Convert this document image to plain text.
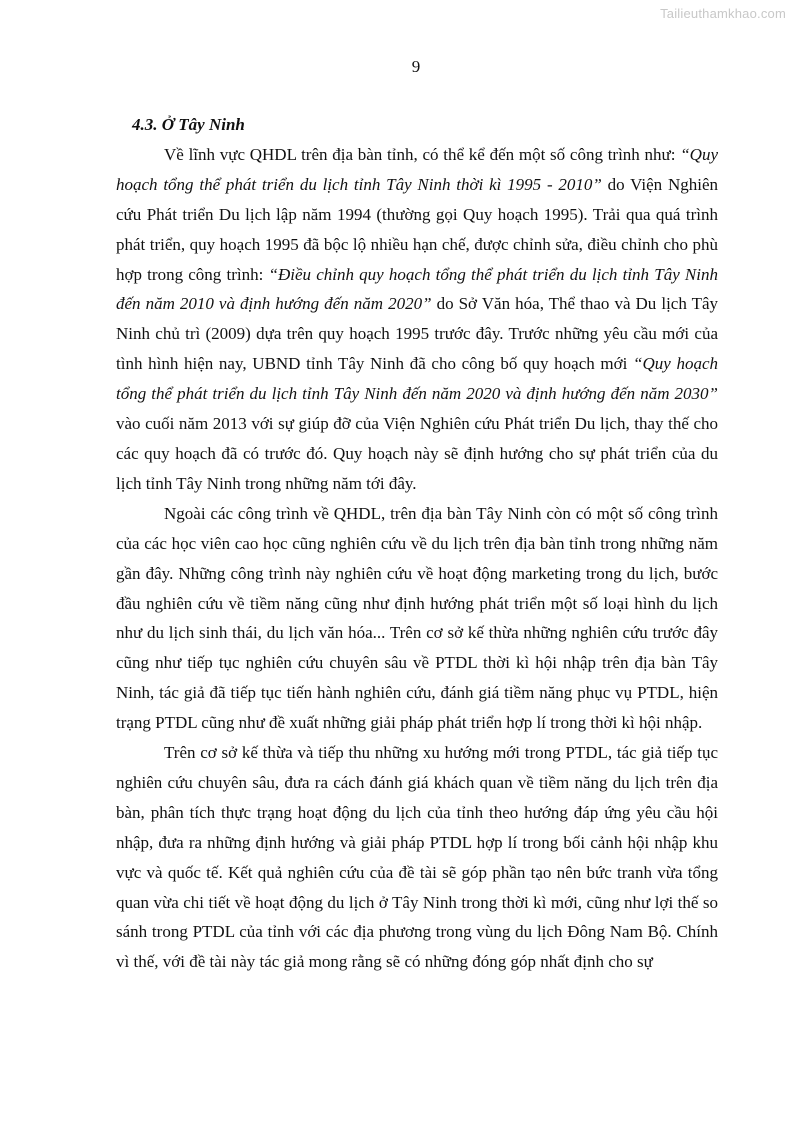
Tailieuthamkhao.com
9

4.3. Ở Tây Ninh

Về lĩnh vực QHDL trên địa bàn tỉnh, có thể kể đến một số công trình như: “Quy hoạch tổng thể phát triển du lịch tỉnh Tây Ninh thời kì 1995 - 2010” do Viện Nghiên cứu Phát triển Du lịch lập năm 1994 (thường gọi Quy hoạch 1995). Trải qua quá trình phát triển, quy hoạch 1995 đã bộc lộ nhiều hạn chế, được chỉnh sửa, điều chỉnh cho phù hợp trong công trình: “Điều chỉnh quy hoạch tổng thể phát triển du lịch tỉnh Tây Ninh đến năm 2010 và định hướng đến năm 2020” do Sở Văn hóa, Thể thao và Du lịch Tây Ninh chủ trì (2009) dựa trên quy hoạch 1995 trước đây. Trước những yêu cầu mới của tình hình hiện nay, UBND tỉnh Tây Ninh đã cho công bố quy hoạch mới “Quy hoạch tổng thể phát triển du lịch tỉnh Tây Ninh đến năm 2020 và định hướng đến năm 2030” vào cuối năm 2013 với sự giúp đỡ của Viện Nghiên cứu Phát triển Du lịch, thay thế cho các quy hoạch đã có trước đó. Quy hoạch này sẽ định hướng cho sự phát triển của du lịch tỉnh Tây Ninh trong những năm tới đây.

Ngoài các công trình về QHDL, trên địa bàn Tây Ninh còn có một số công trình của các học viên cao học cũng nghiên cứu về du lịch trên địa bàn tỉnh trong những năm gần đây. Những công trình này nghiên cứu về hoạt động marketing trong du lịch, bước đầu nghiên cứu về tiềm năng cũng như định hướng phát triển một số loại hình du lịch như du lịch sinh thái, du lịch văn hóa... Trên cơ sở kế thừa những nghiên cứu trước đây cũng như tiếp tục nghiên cứu chuyên sâu về PTDL thời kì hội nhập trên địa bàn Tây Ninh, tác giả đã tiếp tục tiến hành nghiên cứu, đánh giá tiềm năng phục vụ PTDL, hiện trạng PTDL cũng như đề xuất những giải pháp phát triển hợp lí trong thời kì hội nhập.

Trên cơ sở kế thừa và tiếp thu những xu hướng mới trong PTDL, tác giả tiếp tục nghiên cứu chuyên sâu, đưa ra cách đánh giá khách quan về tiềm năng du lịch trên địa bàn, phân tích thực trạng hoạt động du lịch của tỉnh theo hướng đáp ứng yêu cầu hội nhập, đưa ra những định hướng và giải pháp PTDL hợp lí trong bối cảnh hội nhập khu vực và quốc tế. Kết quả nghiên cứu của đề tài sẽ góp phần tạo nên bức tranh vừa tổng quan vừa chi tiết về hoạt động du lịch ở Tây Ninh trong thời kì mới, cũng như lợi thế so sánh trong PTDL của tỉnh với các địa phương trong vùng du lịch Đông Nam Bộ. Chính vì thế, với đề tài này tác giả mong rằng sẽ có những đóng góp nhất định cho sự
